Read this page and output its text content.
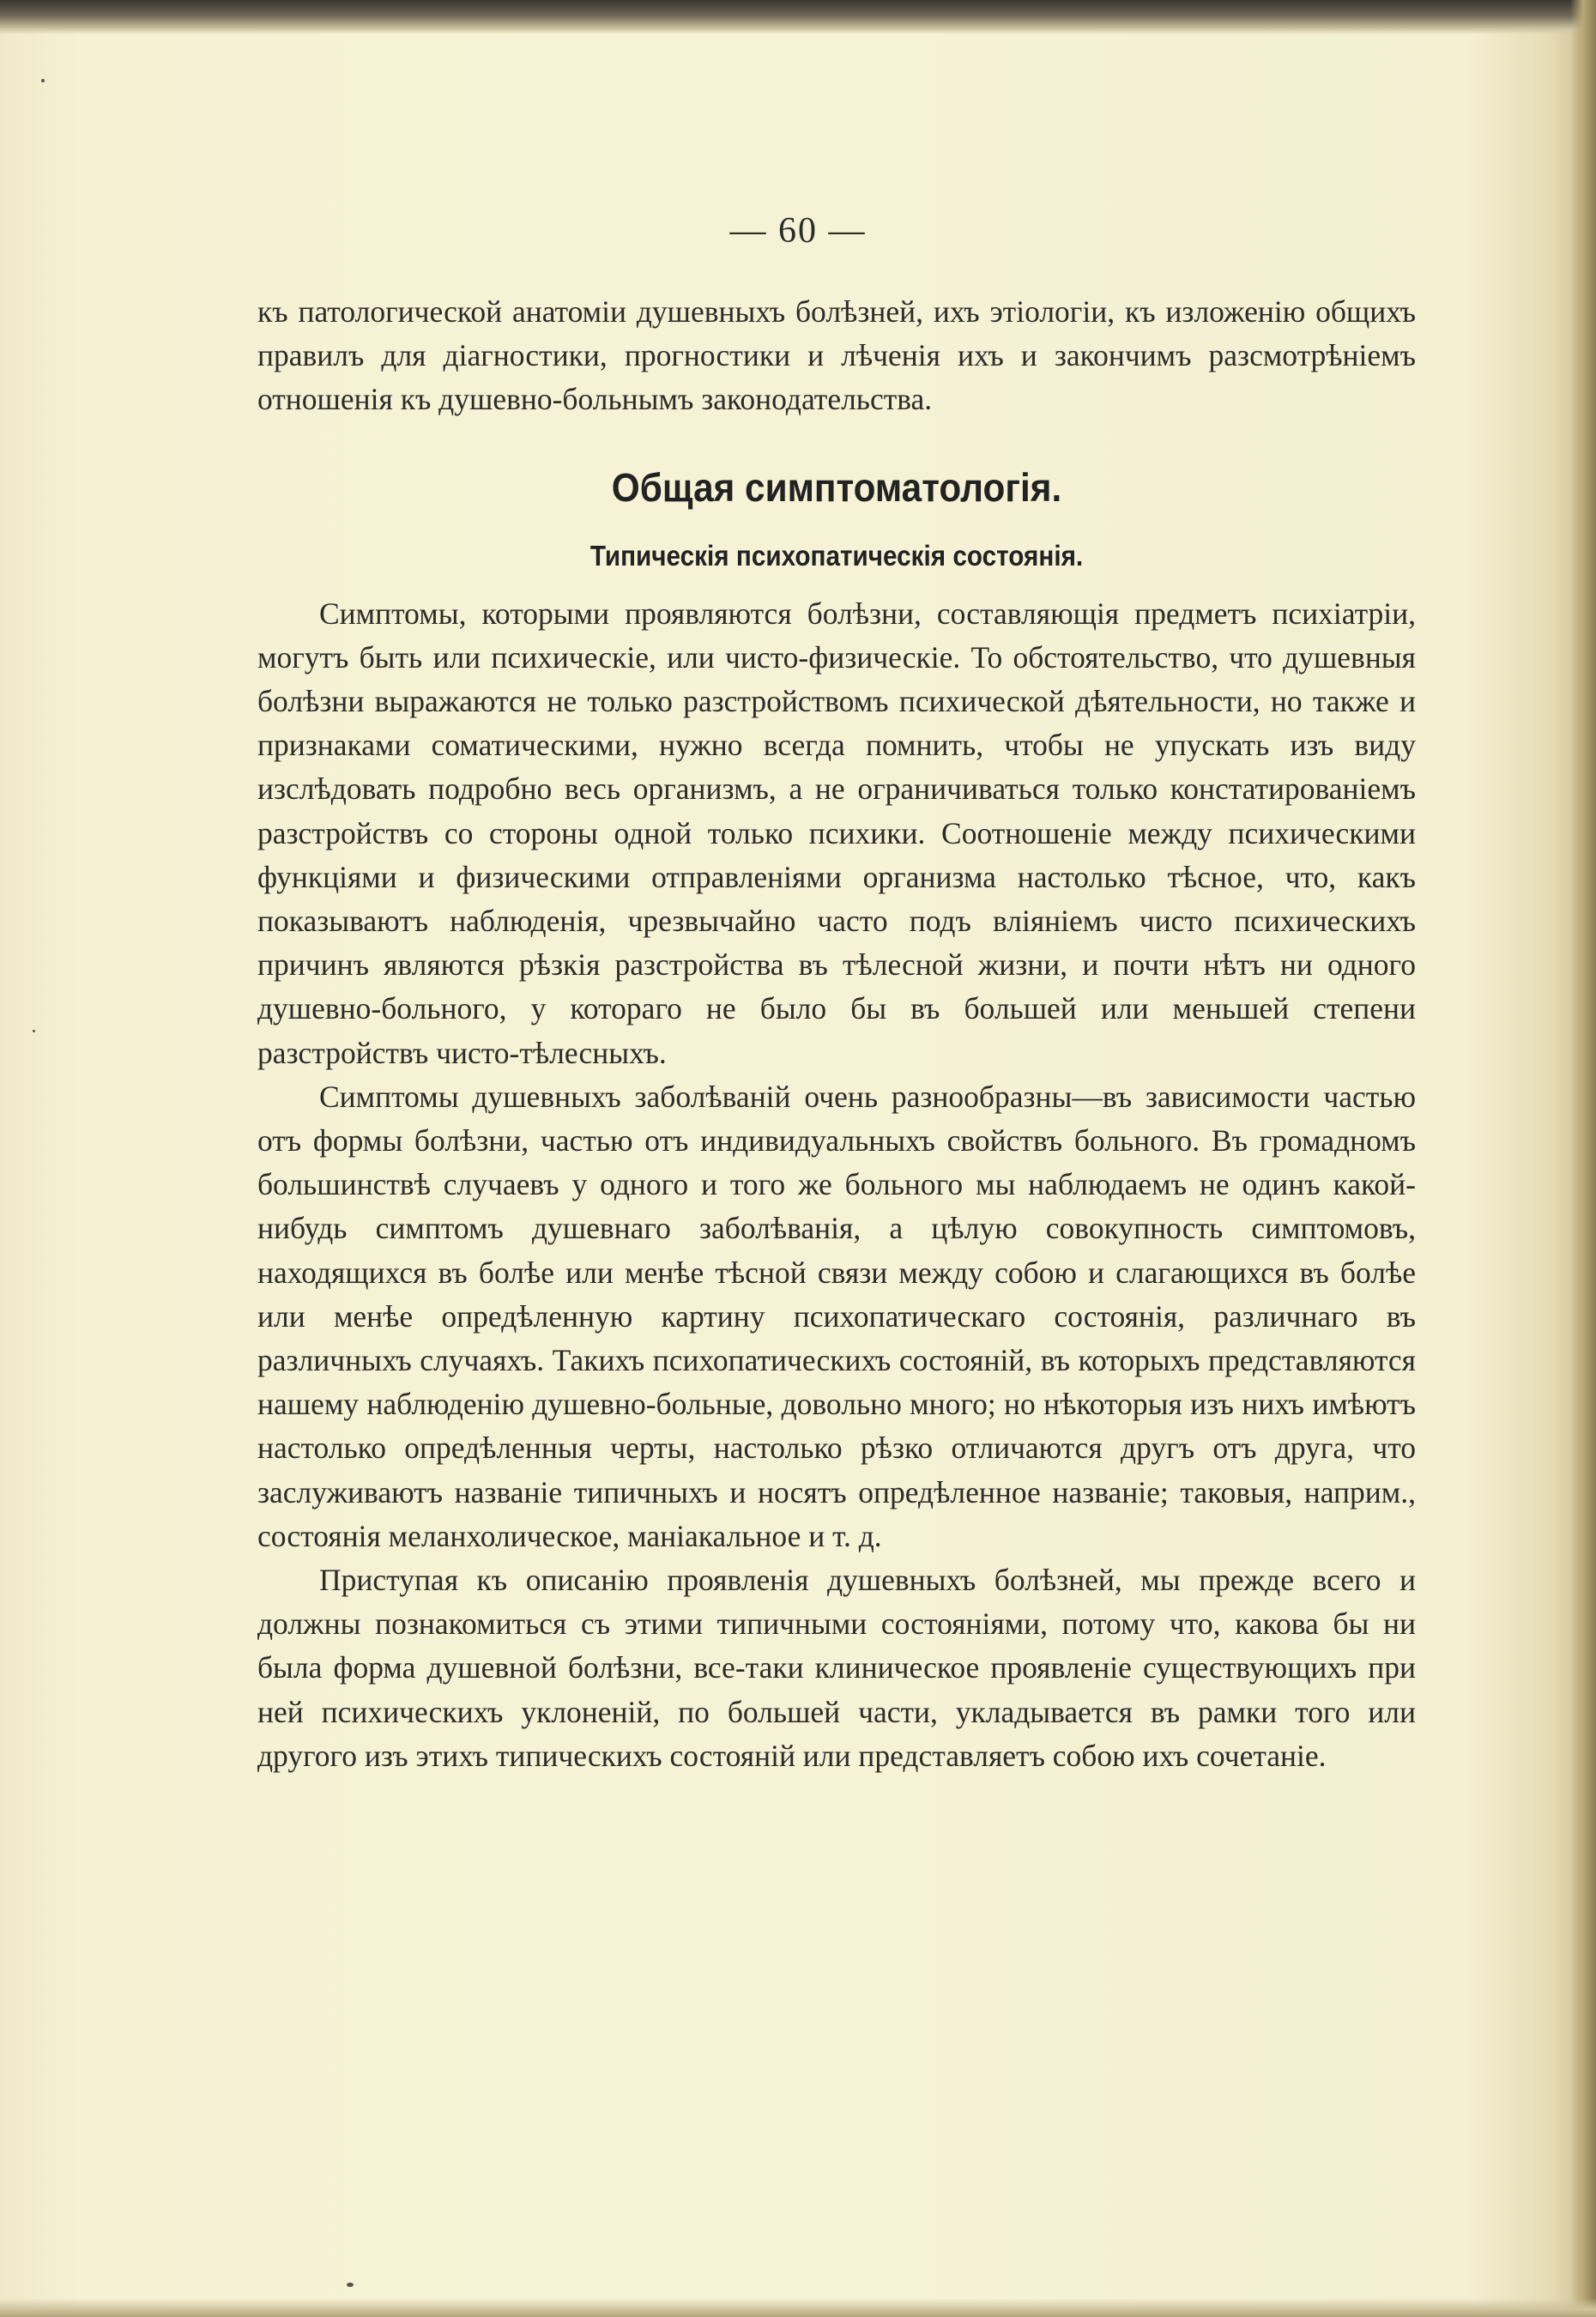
— 60 —

къ патологической анатоміи душевныхъ болѣзней, ихъ этіологіи, къ изложенію общихъ правилъ для діагностики, прогностики и лѣченія ихъ и закончимъ разсмотрѣніемъ отношенія къ душевно-больнымъ законодательства.

Общая симптоматологія.
Типическія психопатическія состоянія.

Симптомы, которыми проявляются болѣзни, составляющія предметъ психіатріи, могутъ быть или психическіе, или чисто-физическіе. То обстоятельство, что душевныя болѣзни выражаются не только разстройствомъ психической дѣятельности, но также и признаками соматическими, нужно всегда помнить, чтобы не упускать изъ виду изслѣдовать подробно весь организмъ, а не ограничиваться только констатированіемъ разстройствъ со стороны одной только психики. Соотношеніе между психическими функціями и физическими отправленіями организма настолько тѣсное, что, какъ показываютъ наблюденія, чрезвычайно часто подъ вліяніемъ чисто психическихъ причинъ являются рѣзкія разстройства въ тѣлесной жизни, и почти нѣтъ ни одного душевно-больного, у котораго не было бы въ большей или меньшей степени разстройствъ чисто-тѣлесныхъ.

Симптомы душевныхъ заболѣваній очень разнообразны—въ зависимости частью отъ формы болѣзни, частью отъ индивидуальныхъ свойствъ больного. Въ громадномъ большинствѣ случаевъ у одного и того же больного мы наблюдаемъ не одинъ какой-нибудь симптомъ душевнаго заболѣванія, а цѣлую совокупность симптомовъ, находящихся въ болѣе или менѣе тѣсной связи между собою и слагающихся въ болѣе или менѣе опредѣленную картину психопатическаго состоянія, различнаго въ различныхъ случаяхъ. Такихъ психопатическихъ состояній, въ которыхъ представляются нашему наблюденію душевно-больные, довольно много; но нѣкоторыя изъ нихъ имѣютъ настолько опредѣленныя черты, настолько рѣзко отличаются другъ отъ друга, что заслуживаютъ названіе типичныхъ и носятъ опредѣленное названіе; таковыя, наприм., состоянія меланхолическое, маніакальное и т. д.

Приступая къ описанію проявленія душевныхъ болѣзней, мы прежде всего и должны познакомиться съ этими типичными состояніями, потому что, какова бы ни была форма душевной болѣзни, все-таки клиническое проявленіе существующихъ при ней психическихъ уклоненій, по большей части, укладывается въ рамки того или другого изъ этихъ типическихъ состояній или представляетъ собою ихъ сочетаніе.
